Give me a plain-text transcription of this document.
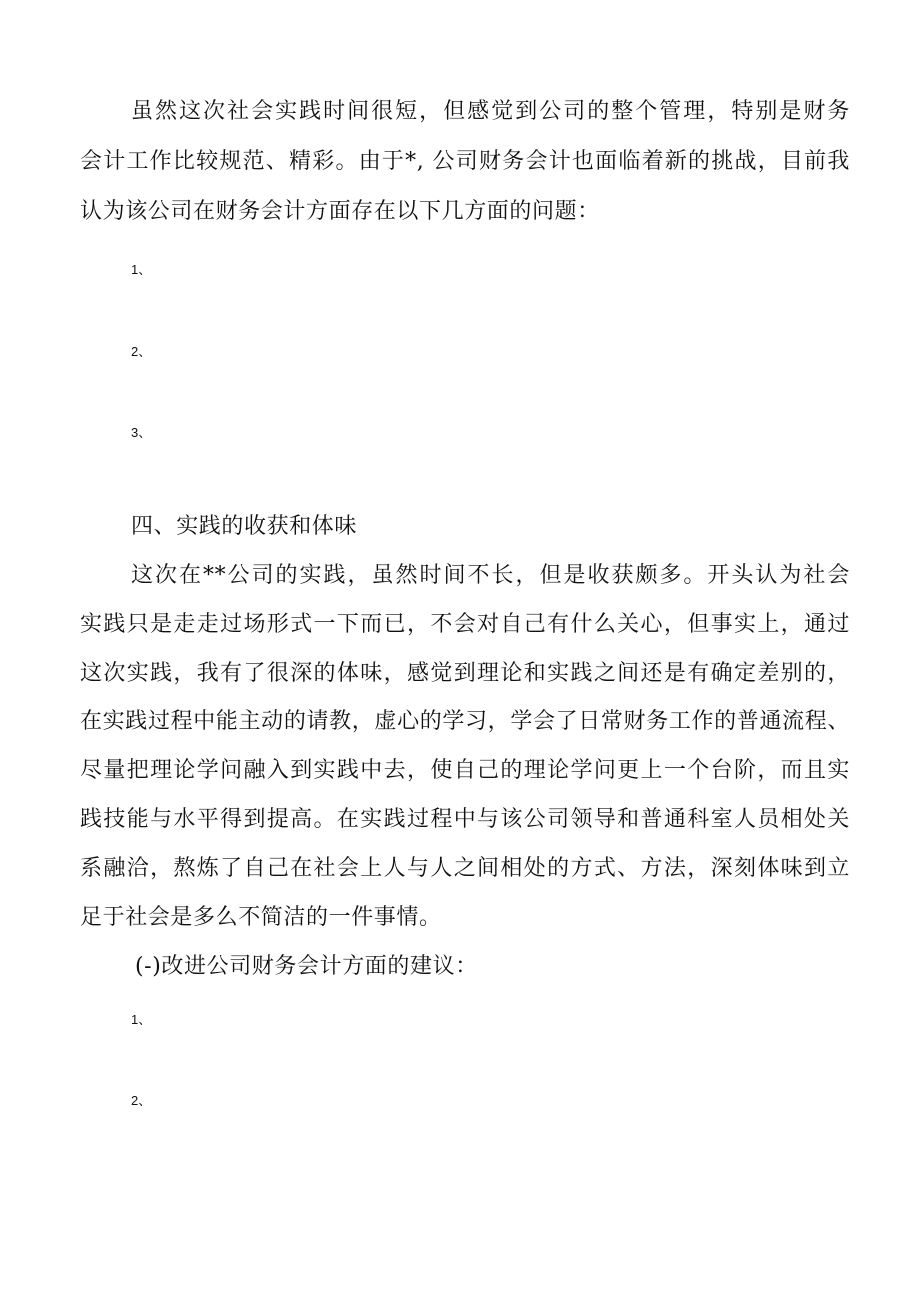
虽然这次社会实践时间很短，但感觉到公司的整个管理，特别是财务
会计工作比较规范、精彩。由于*, 公司财务会计也面临着新的挑战，目前我
认为该公司在财务会计方面存在以下几方面的问题：
1、
2、
3、
四、实践的收获和体味
这次在**公司的实践，虽然时间不长，但是收获颇多。开头认为社会
实践只是走走过场形式一下而已，不会对自己有什么关心，但事实上，通过
这次实践，我有了很深的体味，感觉到理论和实践之间还是有确定差别的，
在实践过程中能主动的请教，虚心的学习，学会了日常财务工作的普通流程、
尽量把理论学问融入到实践中去，使自己的理论学问更上一个台阶，而且实
践技能与水平得到提高。在实践过程中与该公司领导和普通科室人员相处关
系融洽，熬炼了自己在社会上人与人之间相处的方式、方法，深刻体味到立
足于社会是多么不简洁的一件事情。
(-)改进公司财务会计方面的建议：
1、
2、
